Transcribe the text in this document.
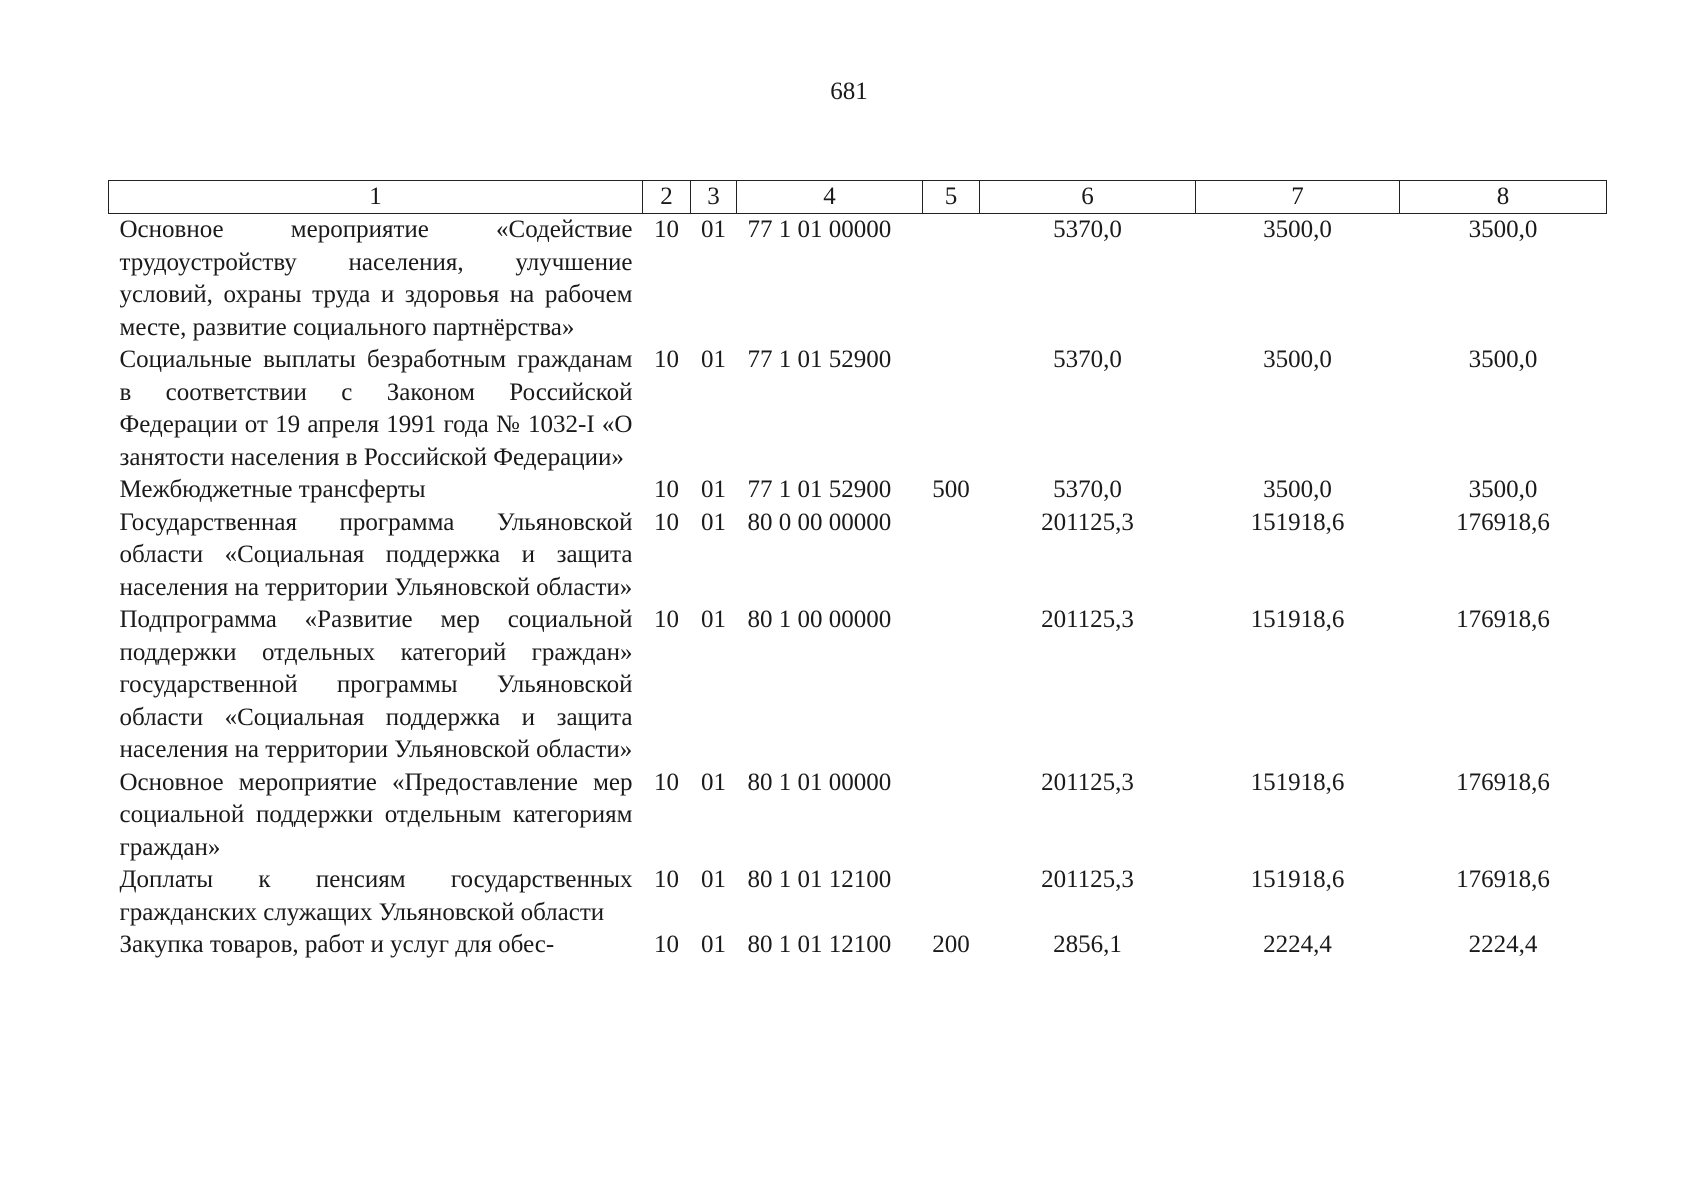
681
1	2	3	4	5	6	7	8
Основное мероприятие «Содействие трудоустройству населения, улучшение условий, охраны труда и здоровья на рабочем месте, развитие социального партнёрства»	10	01	77 1 01 00000		5370,0	3500,0	3500,0
Социальные выплаты безработным гражданам в соответствии с Законом Российской Федерации от 19 апреля 1991 года № 1032-I «О занятости населения в Российской Федерации»	10	01	77 1 01 52900		5370,0	3500,0	3500,0
Межбюджетные трансферты	10	01	77 1 01 52900	500	5370,0	3500,0	3500,0
Государственная программа Ульяновской области «Социальная поддержка и защита населения на территории Ульяновской области»	10	01	80 0 00 00000		201125,3	151918,6	176918,6
Подпрограмма «Развитие мер социальной поддержки отдельных категорий граждан» государственной программы Ульяновской области «Социальная поддержка и защита населения на территории Ульяновской области»	10	01	80 1 00 00000		201125,3	151918,6	176918,6
Основное мероприятие «Предоставление мер социальной поддержки отдельным категориям граждан»	10	01	80 1 01 00000		201125,3	151918,6	176918,6
Доплаты к пенсиям государственных гражданских служащих Ульяновской области	10	01	80 1 01 12100		201125,3	151918,6	176918,6
Закупка товаров, работ и услуг для обес-	10	01	80 1 01 12100	200	2856,1	2224,4	2224,4
